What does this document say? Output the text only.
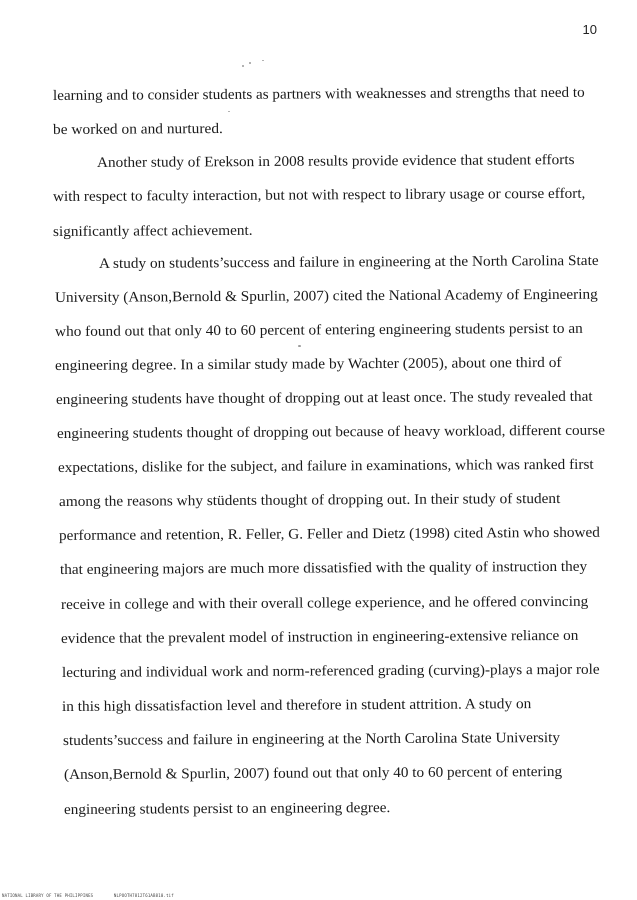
10
learning and to consider students as partners with weaknesses and strengths that need to
be worked on and nurtured.
Another study of Erekson in 2008 results provide evidence that student efforts
with respect to faculty interaction, but not with respect to library usage or course effort,
significantly affect achievement.
A study on students’success and failure in engineering at the North Carolina State
University (Anson,Bernold & Spurlin, 2007) cited the National Academy of Engineering
who found out that only 40 to 60 percent of entering engineering students persist to an
engineering degree. In a similar study made by Wachter (2005), about one third of
engineering students have thought of dropping out at least once. The study revealed that
engineering students thought of dropping out because of heavy workload, different course
expectations, dislike for the subject, and failure in examinations, which was ranked first
among the reasons why stüdents thought of dropping out. In their study of student
performance and retention, R. Feller, G. Feller and Dietz (1998) cited Astin who showed
that engineering majors are much more dissatisfied with the quality of instruction they
receive in college and with their overall college experience, and he offered convincing
evidence that the prevalent model of instruction in engineering-extensive reliance on
lecturing and individual work and norm-referenced grading (curving)-plays a major role
in this high dissatisfaction level and therefore in student attrition. A study on
students’success and failure in engineering at the North Carolina State University
(Anson,Bernold & Spurlin, 2007) found out that only 40 to 60 percent of entering
engineering students persist to an engineering degree.
NATIONAL LIBRARY OF THE PHILIPPINES	NLPOOTH7812T61AB810.tif
